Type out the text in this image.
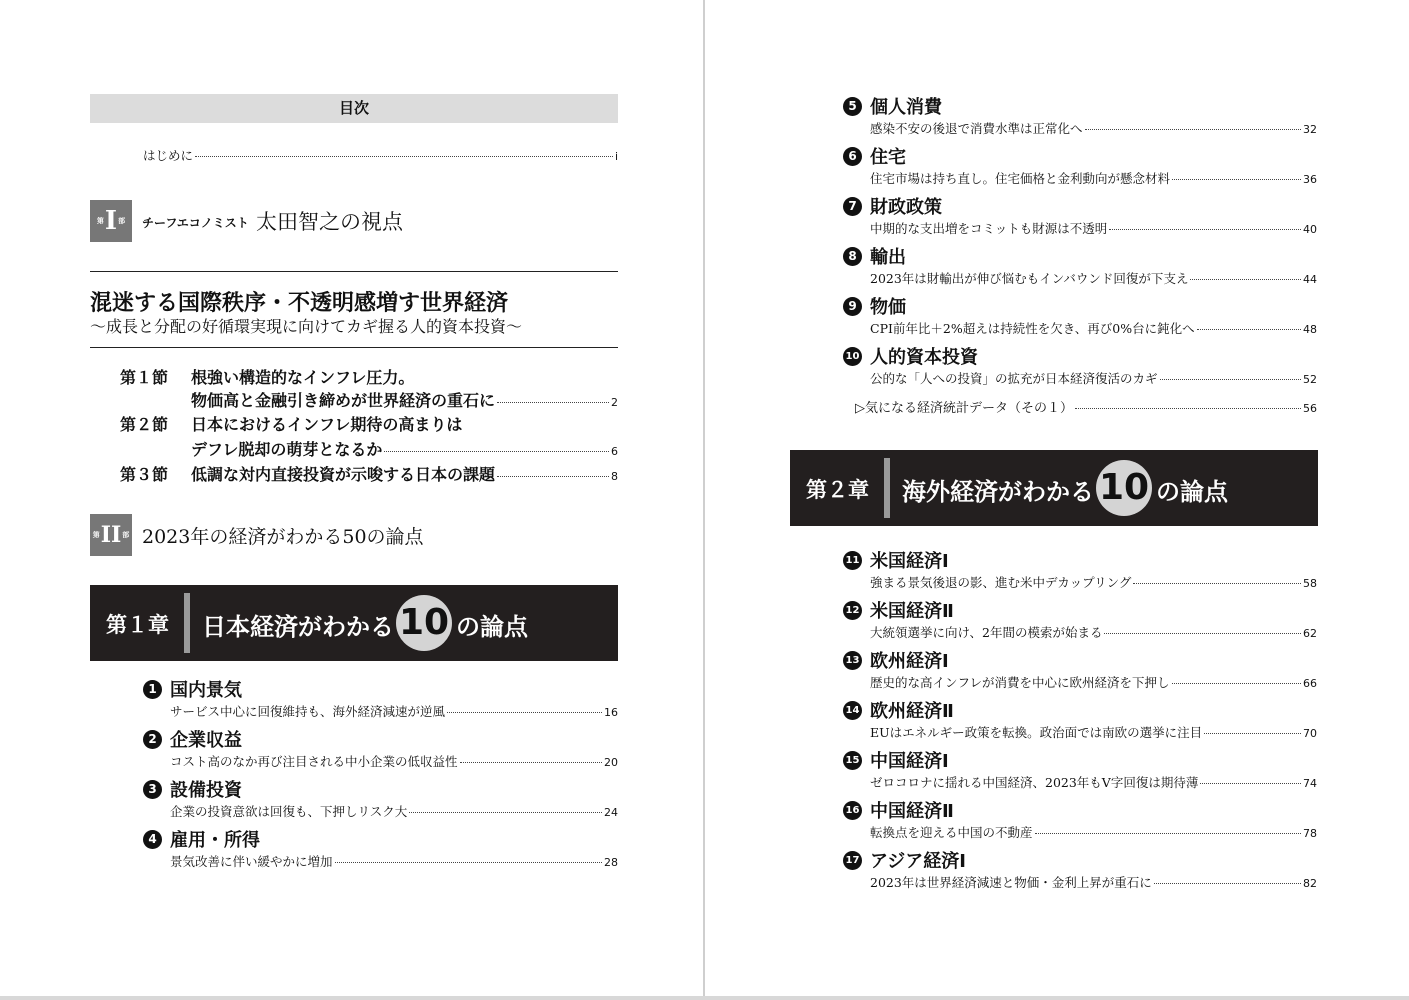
目次
はじめに	i
第 I 部 チーフエコノミスト 太田智之の視点
混迷する国際秩序・不透明感増す世界経済
〜成長と分配の好循環実現に向けてカギ握る人的資本投資〜
第１節 根強い構造的なインフレ圧力。
物価高と金融引き締めが世界経済の重石に	2
第２節 日本におけるインフレ期待の高まりは
デフレ脱却の萌芽となるか	6
第３節 低調な対内直接投資が示唆する日本の課題	8
第 II 部 2023年の経済がわかる50の論点
第１章 日本経済がわかる 10 の論点
1 国内景気
サービス中心に回復維持も、海外経済減速が逆風	16
2 企業収益
コスト高のなか再び注目される中小企業の低収益性	20
3 設備投資
企業の投資意欲は回復も、下押しリスク大	24
4 雇用・所得
景気改善に伴い緩やかに増加	28
5 個人消費
感染不安の後退で消費水準は正常化へ	32
6 住宅
住宅市場は持ち直し。住宅価格と金利動向が懸念材料	36
7 財政政策
中期的な支出増をコミットも財源は不透明	40
8 輸出
2023年は財輸出が伸び悩むもインバウンド回復が下支え	44
9 物価
CPI前年比＋2%超えは持続性を欠き、再び0%台に鈍化へ	48
10 人的資本投資
公的な「人への投資」の拡充が日本経済復活のカギ	52
▷気になる経済統計データ（その１）	56
第２章 海外経済がわかる 10 の論点
11 米国経済Ⅰ
強まる景気後退の影、進む米中デカップリング	58
12 米国経済Ⅱ
大統領選挙に向け、2年間の模索が始まる	62
13 欧州経済Ⅰ
歴史的な高インフレが消費を中心に欧州経済を下押し	66
14 欧州経済Ⅱ
EUはエネルギー政策を転換。政治面では南欧の選挙に注目	70
15 中国経済Ⅰ
ゼロコロナに揺れる中国経済、2023年もV字回復は期待薄	74
16 中国経済Ⅱ
転換点を迎える中国の不動産	78
17 アジア経済Ⅰ
2023年は世界経済減速と物価・金利上昇が重石に	82
